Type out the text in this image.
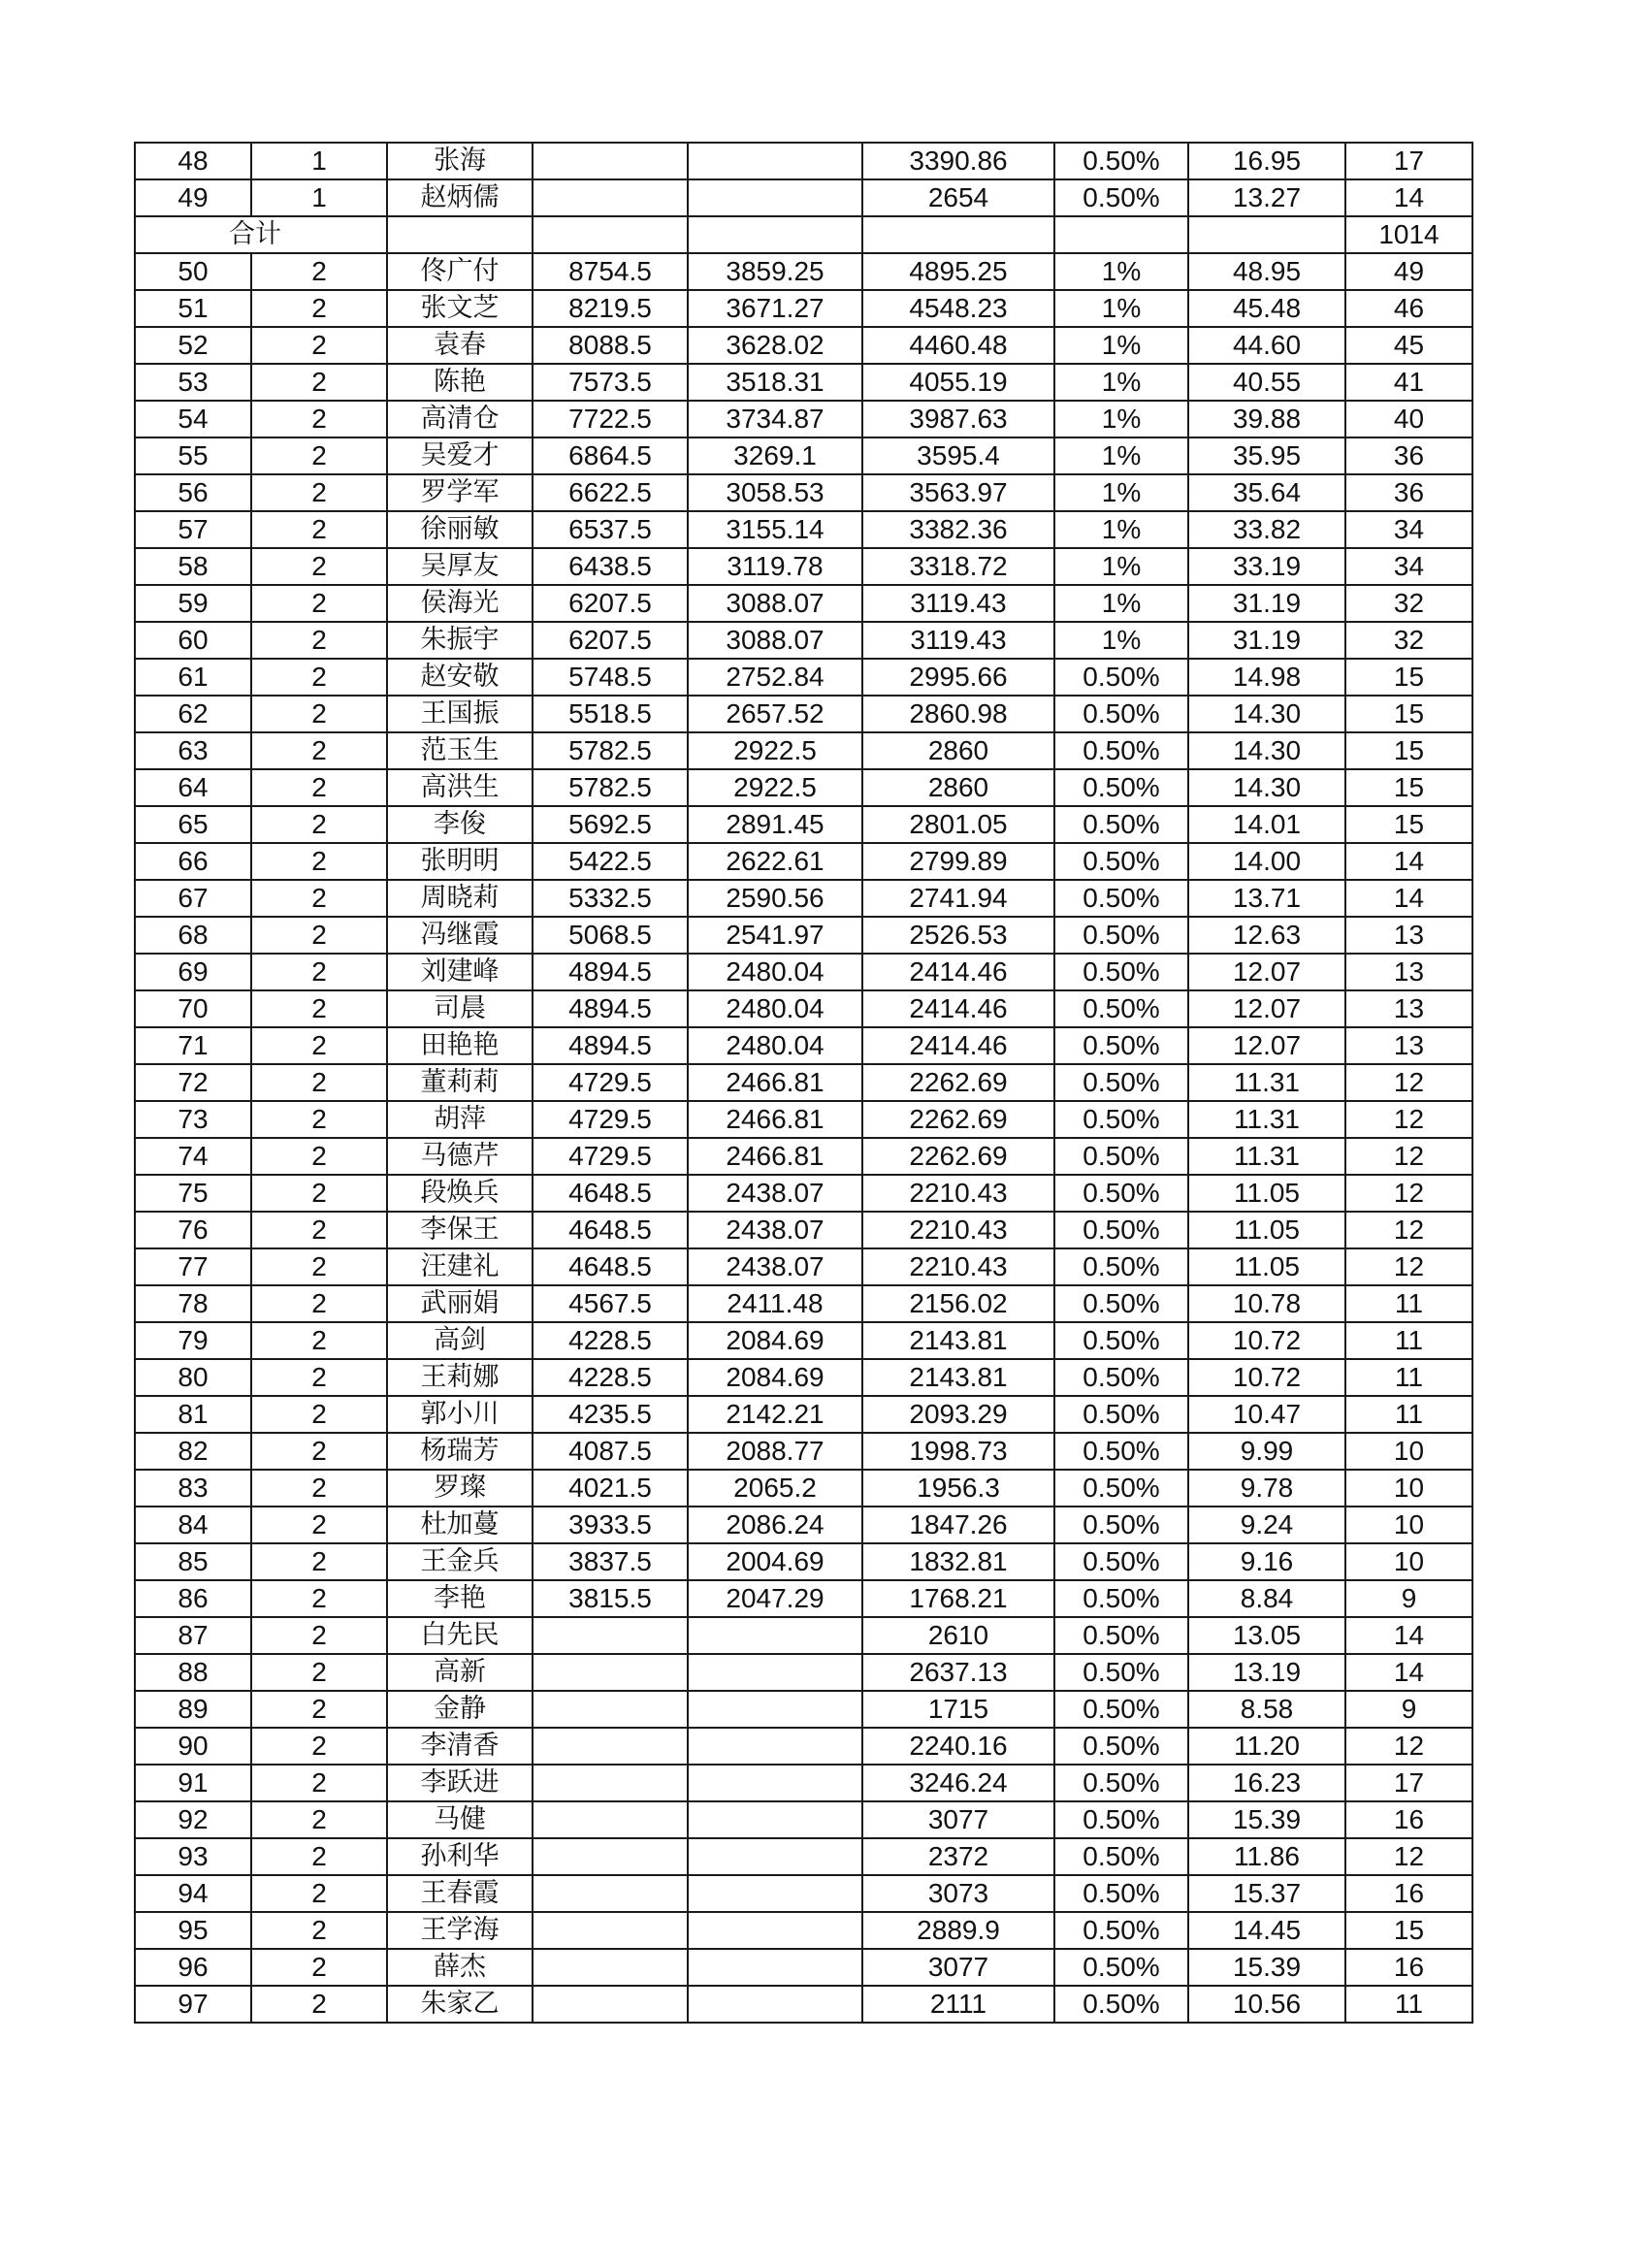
48	1	张海			3390.86	0.50%	16.95	17
49	1	赵炳儒			2654	0.50%	13.27	14
合计								1014
50	2	佟广付	8754.5	3859.25	4895.25	1%	48.95	49
51	2	张文芝	8219.5	3671.27	4548.23	1%	45.48	46
52	2	袁春	8088.5	3628.02	4460.48	1%	44.60	45
53	2	陈艳	7573.5	3518.31	4055.19	1%	40.55	41
54	2	高清仓	7722.5	3734.87	3987.63	1%	39.88	40
55	2	吴爱才	6864.5	3269.1	3595.4	1%	35.95	36
56	2	罗学军	6622.5	3058.53	3563.97	1%	35.64	36
57	2	徐丽敏	6537.5	3155.14	3382.36	1%	33.82	34
58	2	吴厚友	6438.5	3119.78	3318.72	1%	33.19	34
59	2	侯海光	6207.5	3088.07	3119.43	1%	31.19	32
60	2	朱振宇	6207.5	3088.07	3119.43	1%	31.19	32
61	2	赵安敬	5748.5	2752.84	2995.66	0.50%	14.98	15
62	2	王国振	5518.5	2657.52	2860.98	0.50%	14.30	15
63	2	范玉生	5782.5	2922.5	2860	0.50%	14.30	15
64	2	高洪生	5782.5	2922.5	2860	0.50%	14.30	15
65	2	李俊	5692.5	2891.45	2801.05	0.50%	14.01	15
66	2	张明明	5422.5	2622.61	2799.89	0.50%	14.00	14
67	2	周晓莉	5332.5	2590.56	2741.94	0.50%	13.71	14
68	2	冯继霞	5068.5	2541.97	2526.53	0.50%	12.63	13
69	2	刘建峰	4894.5	2480.04	2414.46	0.50%	12.07	13
70	2	司晨	4894.5	2480.04	2414.46	0.50%	12.07	13
71	2	田艳艳	4894.5	2480.04	2414.46	0.50%	12.07	13
72	2	董莉莉	4729.5	2466.81	2262.69	0.50%	11.31	12
73	2	胡萍	4729.5	2466.81	2262.69	0.50%	11.31	12
74	2	马德芹	4729.5	2466.81	2262.69	0.50%	11.31	12
75	2	段焕兵	4648.5	2438.07	2210.43	0.50%	11.05	12
76	2	李保王	4648.5	2438.07	2210.43	0.50%	11.05	12
77	2	汪建礼	4648.5	2438.07	2210.43	0.50%	11.05	12
78	2	武丽娟	4567.5	2411.48	2156.02	0.50%	10.78	11
79	2	高剑	4228.5	2084.69	2143.81	0.50%	10.72	11
80	2	王莉娜	4228.5	2084.69	2143.81	0.50%	10.72	11
81	2	郭小川	4235.5	2142.21	2093.29	0.50%	10.47	11
82	2	杨瑞芳	4087.5	2088.77	1998.73	0.50%	9.99	10
83	2	罗璨	4021.5	2065.2	1956.3	0.50%	9.78	10
84	2	杜加蔓	3933.5	2086.24	1847.26	0.50%	9.24	10
85	2	王金兵	3837.5	2004.69	1832.81	0.50%	9.16	10
86	2	李艳	3815.5	2047.29	1768.21	0.50%	8.84	9
87	2	白先民			2610	0.50%	13.05	14
88	2	高新			2637.13	0.50%	13.19	14
89	2	金静			1715	0.50%	8.58	9
90	2	李清香			2240.16	0.50%	11.20	12
91	2	李跃进			3246.24	0.50%	16.23	17
92	2	马健			3077	0.50%	15.39	16
93	2	孙利华			2372	0.50%	11.86	12
94	2	王春霞			3073	0.50%	15.37	16
95	2	王学海			2889.9	0.50%	14.45	15
96	2	薛杰			3077	0.50%	15.39	16
97	2	朱家乙			2111	0.50%	10.56	11
